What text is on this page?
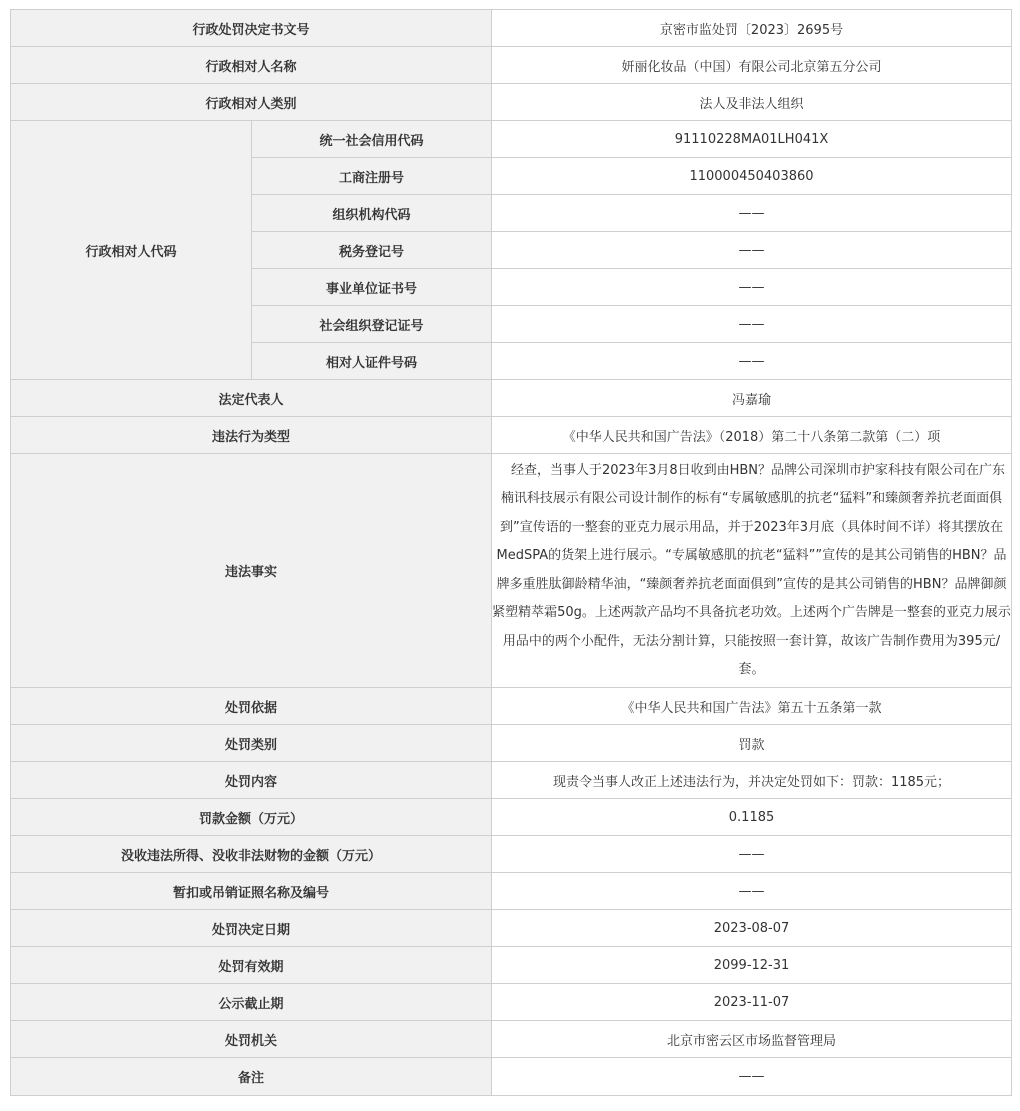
行政处罚决定书文号		京密市监处罚〔2023〕2695号
行政相对人名称		妍丽化妆品（中国）有限公司北京第五分公司
行政相对人类别		法人及非法人组织
行政相对人代码	统一社会信用代码	91110228MA01LH041X
	工商注册号	110000450403860
	组织机构代码	——
	税务登记号	——
	事业单位证书号	——
	社会组织登记证号	——
	相对人证件号码	——
法定代表人		冯嘉瑜
违法行为类型		《中华人民共和国广告法》（2018）第二十八条第二款第（二）项
违法事实		经查，当事人于2023年3月8日收到由HBN？品牌公司深圳市护家科技有限公司在广东楠讯科技展示有限公司设计制作的标有“专属敏感肌的抗老“猛料”和臻颜奢养抗老面面俱到”宣传语的一整套的亚克力展示用品，并于2023年3月底（具体时间不详）将其摆放在MedSPA的货架上进行展示。“专属敏感肌的抗老“猛料””宣传的是其公司销售的HBN？品牌多重胜肽御龄精华油，“臻颜奢养抗老面面俱到”宣传的是其公司销售的HBN？品牌御颜紧塑精萃霜50g。上述两款产品均不具备抗老功效。上述两个广告牌是一整套的亚克力展示用品中的两个小配件，无法分割计算，只能按照一套计算，故该广告制作费用为395元/套。
处罚依据		《中华人民共和国广告法》第五十五条第一款
处罚类别		罚款
处罚内容		现责令当事人改正上述违法行为，并决定处罚如下：罚款：1185元；
罚款金额（万元）		0.1185
没收违法所得、没收非法财物的金额（万元）		——
暂扣或吊销证照名称及编号		——
处罚决定日期		2023-08-07
处罚有效期		2099-12-31
公示截止期		2023-11-07
处罚机关		北京市密云区市场监督管理局
备注		——
